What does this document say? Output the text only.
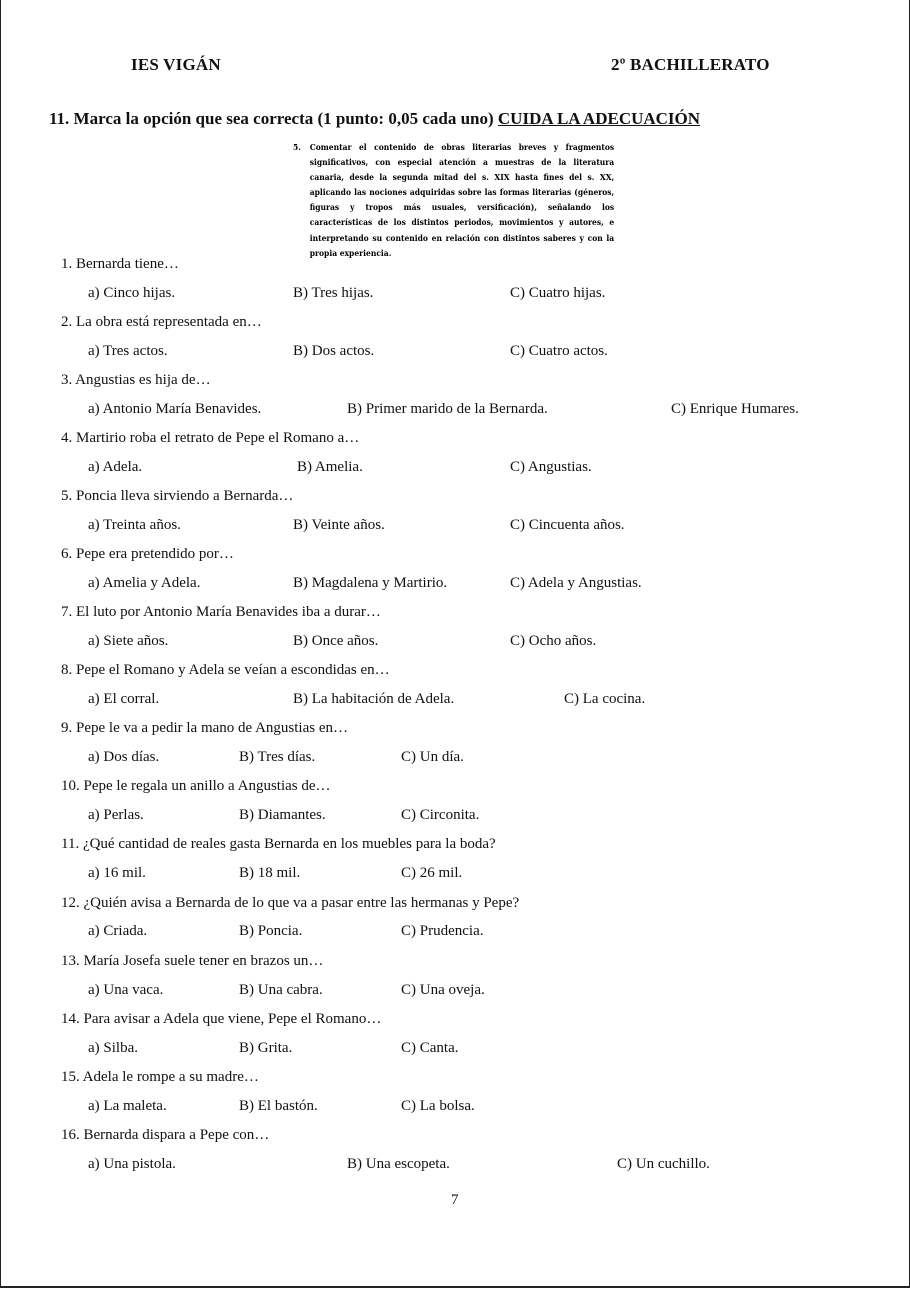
IES VIGÁN	2º BACHILLERATO
11. Marca la opción que sea correcta (1 punto: 0,05 cada uno) CUIDA LA ADECUACIÓN
5. Comentar el contenido de obras literarias breves y fragmentos significativos, con especial atención a muestras de la literatura canaria, desde la segunda mitad del s. XIX hasta fines del s. XX, aplicando las nociones adquiridas sobre las formas literarias (géneros, figuras y tropos más usuales, versificación), señalando los características de los distintos periodos, movimientos y autores, e interpretando su contenido en relación con distintos saberes y con la propia experiencia.
1. Bernarda tiene…
a) Cinco hijas.	B) Tres hijas.	C) Cuatro hijas.
2. La obra está representada en…
a) Tres actos.	B) Dos actos.	C) Cuatro actos.
3. Angustias es hija de…
a) Antonio María Benavides.	B) Primer marido de la Bernarda.	C) Enrique Humares.
4. Martirio roba el retrato de Pepe el Romano a…
a) Adela.	B) Amelia.	C) Angustias.
5. Poncia lleva sirviendo a Bernarda…
a) Treinta años.	B) Veinte años.	C) Cincuenta años.
6. Pepe era pretendido por…
a) Amelia y Adela.	B) Magdalena y Martirio.	C) Adela y Angustias.
7. El luto por Antonio María Benavides iba a durar…
a) Siete años.	B) Once años.	C) Ocho años.
8. Pepe el Romano y Adela se veían a escondidas en…
a) El corral.	B) La habitación de Adela.	C) La cocina.
9. Pepe le va a pedir la mano de Angustias en…
a) Dos días.	B) Tres días.	C) Un día.
10. Pepe le regala un anillo a Angustias de…
a) Perlas.	B) Diamantes.	C) Circonita.
11. ¿Qué cantidad de reales gasta Bernarda en los muebles para la boda?
a) 16 mil.	B) 18 mil.	C) 26 mil.
12. ¿Quién avisa a Bernarda de lo que va a pasar entre las hermanas y Pepe?
a) Criada.	B) Poncia.	C) Prudencia.
13. María Josefa suele tener en brazos un…
a) Una vaca.	B) Una cabra.	C) Una oveja.
14. Para avisar a Adela que viene, Pepe el Romano…
a) Silba.	B) Grita.	C) Canta.
15. Adela le rompe a su madre…
a) La maleta.	B) El bastón.	C) La bolsa.
16. Bernarda dispara a Pepe con…
a) Una pistola.	B) Una escopeta.	C) Un cuchillo.
7
